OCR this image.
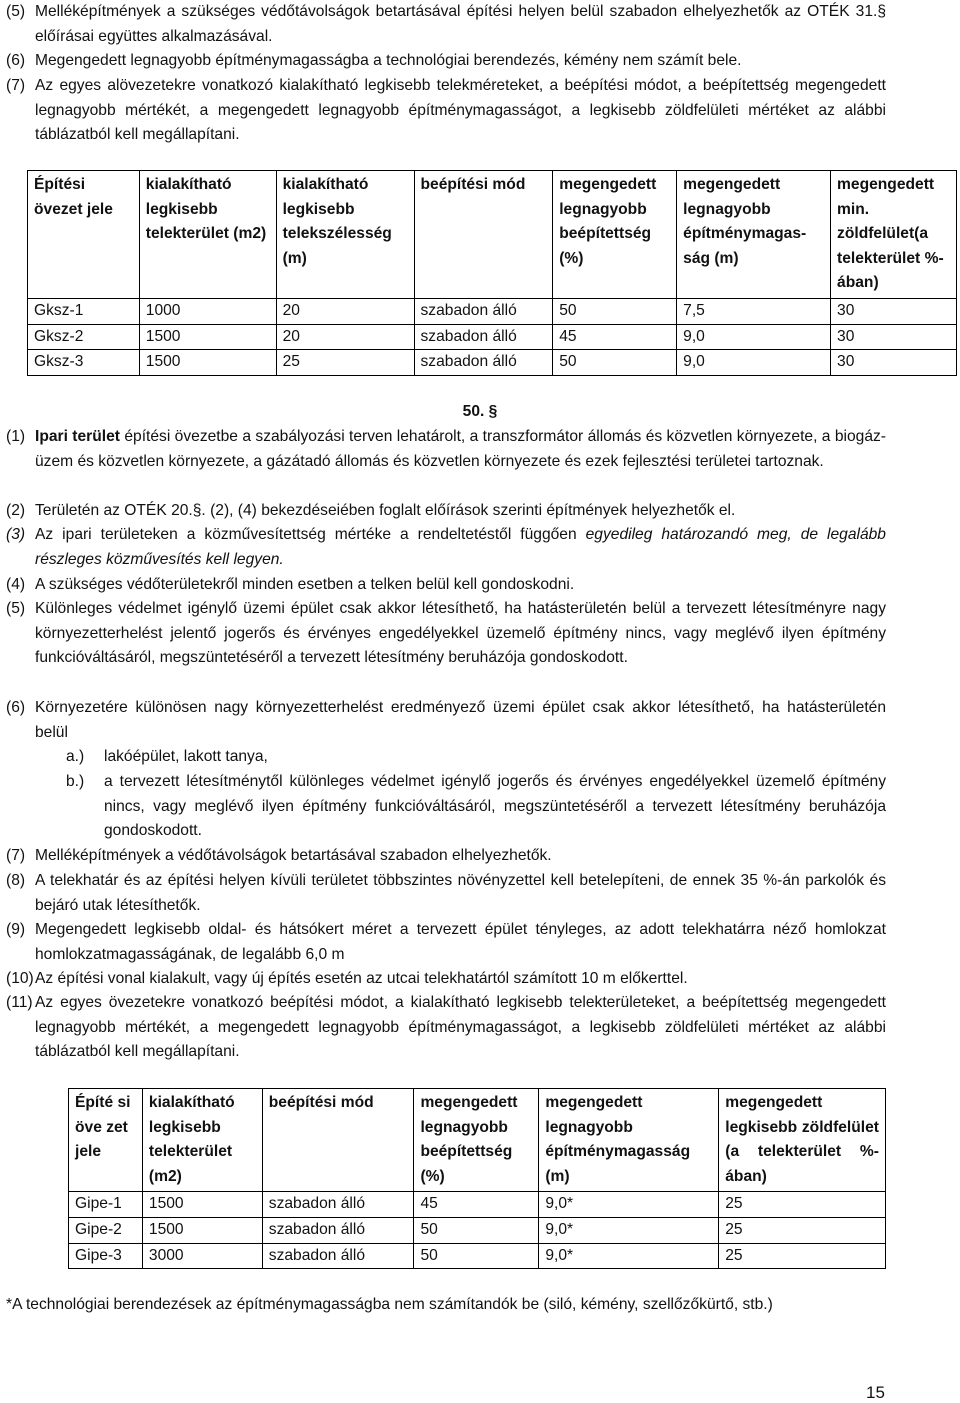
(5) Melléképítmények a szükséges védőtávolságok betartásával építési helyen belül szabadon elhelyezhetők az OTÉK 31.§ előírásai együttes alkalmazásával.
(6) Megengedett legnagyobb építménymagasságba a technológiai berendezés, kémény nem számít bele.
(7) Az egyes alövezetekre vonatkozó kialakítható legkisebb telekméreteket, a beépítési módot, a beépítettség megengedett legnagyobb mértékét, a megengedett legnagyobb építménymagasságot, a legkisebb zöldfelületi mértéket az alábbi táblázatból kell megállapítani.
Építési övezet jele	kialakítható legkisebb telekterület (m2)	kialakítható legkisebb telekszélesség (m)	beépítési mód	megengedett legnagyobb beépítettség (%)	megengedett legnagyobb építménymagas-ság (m)	megengedett min. zöldfelület(a telekterület %-ában)
Gksz-1	1000	20	szabadon álló	50	7,5	30
Gksz-2	1500	20	szabadon álló	45	9,0	30
Gksz-3	1500	25	szabadon álló	50	9,0	30
50. §
(1) Ipari terület építési övezetbe a szabályozási terven lehatárolt, a transzformátor állomás és közvetlen környezete, a biogáz-üzem és közvetlen környezete, a gázátadó állomás és közvetlen környezete és ezek fejlesztési területei tartoznak.
(2) Területén az OTÉK 20.§. (2), (4) bekezdéseiében foglalt előírások szerinti építmények helyezhetők el.
(3) Az ipari területeken a közművesítettség mértéke a rendeltetéstől függően egyedileg határozandó meg, de legalább részleges közművesítés kell legyen.
(4) A szükséges védőterületekről minden esetben a telken belül kell gondoskodni.
(5) Különleges védelmet igénylő üzemi épület csak akkor létesíthető, ha hatásterületén belül a tervezett létesítményre nagy környezetterhelést jelentő jogerős és érvényes engedélyekkel üzemelő építmény nincs, vagy meglévő ilyen építmény funkcióváltásáról, megszüntetéséről a tervezett létesítmény beruházója gondoskodott.
(6) Környezetére különösen nagy környezetterhelést eredményező üzemi épület csak akkor létesíthető, ha hatásterületén belül
a.) lakóépület, lakott tanya,
b.) a tervezett létesítménytől különleges védelmet igénylő jogerős és érvényes engedélyekkel üzemelő építmény nincs, vagy meglévő ilyen építmény funkcióváltásáról, megszüntetéséről a tervezett létesítmény beruházója gondoskodott.
(7) Melléképítmények a védőtávolságok betartásával szabadon elhelyezhetők.
(8) A telekhatár és az építési helyen kívüli területet többszintes növényzettel kell betelepíteni, de ennek 35 %-án parkolók és bejáró utak létesíthetők.
(9) Megengedett legkisebb oldal- és hátsókert méret a tervezett épület tényleges, az adott telekhatárra néző homlokzat homlokzatmagasságának, de legalább 6,0 m
(10) Az építési vonal kialakult, vagy új építés esetén az utcai telekhatártól számított 10 m előkerttel.
(11) Az egyes övezetekre vonatkozó beépítési módot, a kialakítható legkisebb telekterületeket, a beépítettség megengedett legnagyobb mértékét, a megengedett legnagyobb építménymagasságot, a legkisebb zöldfelületi mértéket az alábbi táblázatból kell megállapítani.
Építé si öve zet jele	kialakítható legkisebb telekterület (m2)	beépítési mód	megengedett legnagyobb beépítettség (%)	megengedett legnagyobb építménymagasság (m)	megengedett legkisebb zöldfelület (a telekterület %-ában)
Gipe-1	1500	szabadon álló	45	9,0*	25
Gipe-2	1500	szabadon álló	50	9,0*	25
Gipe-3	3000	szabadon álló	50	9,0*	25
*A technológiai berendezések az építménymagasságba nem számítandók be (siló, kémény, szellőzőkürtő, stb.)
15
